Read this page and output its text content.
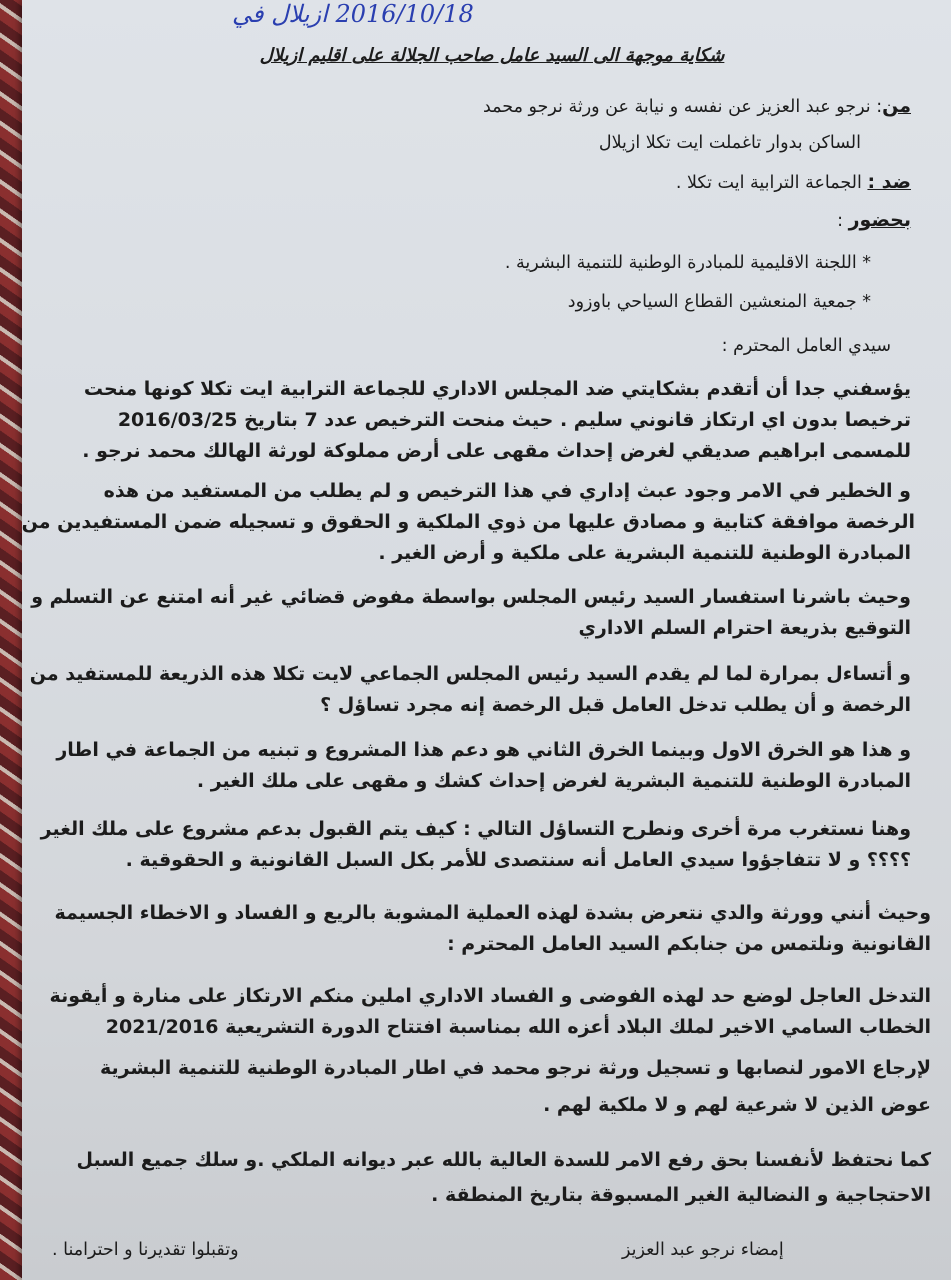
2016/10/18 ازيلال في
شكاية موجهة الى السيد عامل صاحب الجلالة على اقليم ازيلال

من: نرجو عبد العزيز عن نفسه و نيابة عن ورثة نرجو محمد

الساكن بدوار تاغملت ايت تكلا ازيلال

ضد : الجماعة الترابية ايت تكلا .

بحضور :

* اللجنة الاقليمية للمبادرة الوطنية للتنمية البشرية .

* جمعية المنعشين القطاع السياحي باوزود

سيدي العامل المحترم :

يؤسفني جدا أن أتقدم بشكايتي ضد المجلس الاداري للجماعة الترابية ايت تكلا كونها منحت

ترخيصا بدون اي ارتكاز قانوني سليم . حيث منحت الترخيص عدد 7 بتاريخ 2016/03/25

للمسمى ابراهيم صديقي لغرض إحداث مقهى على أرض مملوكة لورثة الهالك محمد نرجو .

و الخطير في الامر وجود عبث إداري في هذا الترخيص و لم يطلب من المستفيد من هذه

الرخصة موافقة كتابية و مصادق عليها من ذوي الملكية و الحقوق و تسجيله ضمن المستفيدين من

المبادرة الوطنية للتنمية البشرية على ملكية و أرض الغير .

وحيث باشرنا استفسار السيد رئيس المجلس بواسطة مفوض قضائي غير أنه امتنع عن التسلم و

التوقيع بذريعة احترام السلم الاداري

و أتساءل بمرارة لما لم يقدم السيد رئيس المجلس الجماعي لايت تكلا هذه الذريعة للمستفيد من

الرخصة و أن يطلب تدخل العامل قبل الرخصة إنه مجرد تساؤل ؟

و هذا هو الخرق الاول وبينما الخرق الثاني هو دعم هذا المشروع و تبنيه من الجماعة في اطار

المبادرة الوطنية للتنمية البشرية لغرض إحداث كشك و مقهى على ملك الغير .

وهنا نستغرب مرة أخرى ونطرح التساؤل التالي : كيف يتم القبول بدعم مشروع على ملك الغير

؟؟؟؟ و لا تتفاجؤوا سيدي العامل أنه سنتصدى للأمر بكل السبل القانونية و الحقوقية .

وحيث أنني وورثة والدي نتعرض بشدة لهذه العملية المشوبة بالريع و الفساد و الاخطاء الجسيمة

القانونية ونلتمس من جنابكم السيد العامل المحترم :

التدخل العاجل لوضع حد لهذه الفوضى و الفساد الاداري املين منكم الارتكاز على منارة و أيقونة

الخطاب السامي الاخير لملك البلاد أعزه الله بمناسبة افتتاح الدورة التشريعية 2021/2016

لإرجاع الامور لنصابها و تسجيل ورثة نرجو محمد في اطار المبادرة الوطنية للتنمية البشرية

عوض الذين لا شرعية لهم و لا ملكية لهم .

كما نحتفظ لأنفسنا بحق رفع الامر للسدة العالية بالله عبر ديوانه الملكي .و سلك جميع السبل

الاحتجاجية و النضالية الغير المسبوقة بتاريخ المنطقة .

إمضاء نرجو عبد العزيز
وتقبلوا تقديرنا و احترامنا .
